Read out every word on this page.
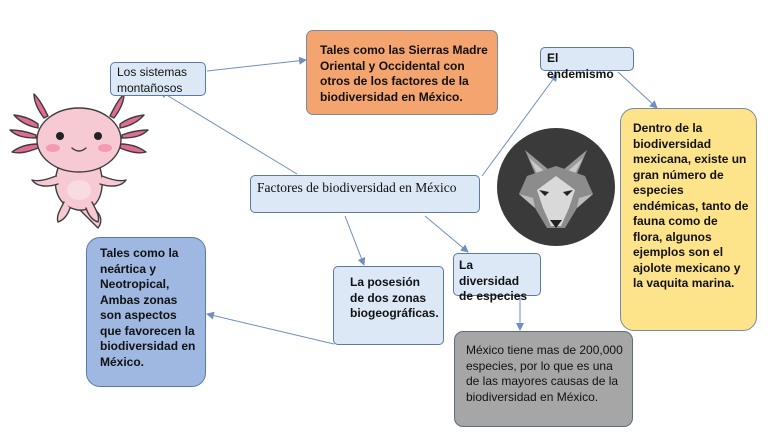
Los sistemas montañosos
Tales como las Sierras Madre Oriental y Occidental con otros de los factores de la biodiversidad en México.
El endemismo
Dentro de la biodiversidad mexicana, existe un gran número de especies endémicas, tanto de fauna como de flora, algunos ejemplos son el ajolote mexicano y la vaquita marina.
Factores de biodiversidad en México
Tales como la neártica y Neotropical, Ambas zonas son aspectos que favorecen la biodiversidad en México.
La posesión de dos zonas biogeográficas.
La diversidad de especies
México tiene mas de 200,000 especies, por lo que es una de las mayores causas de la biodiversidad en México.
